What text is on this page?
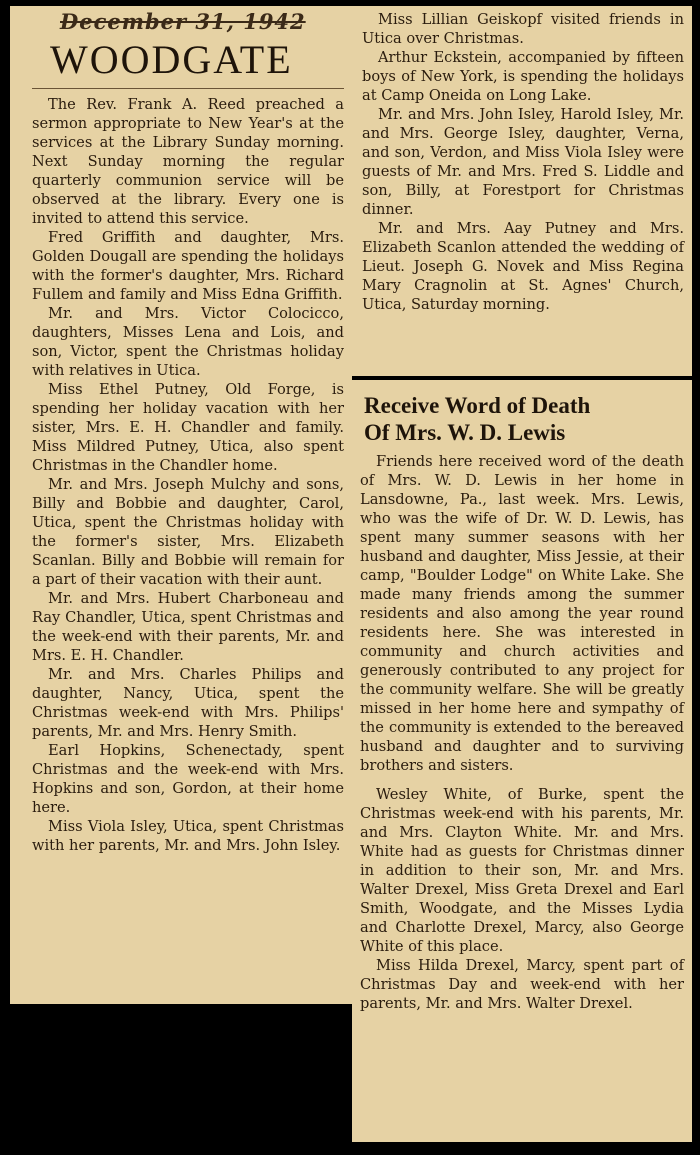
December 31, 1942
WOODGATE

The Rev. Frank A. Reed preached a sermon appropriate to New Year's at the services at the Library Sunday morning. Next Sunday morning the regular quarterly communion service will be observed at the library. Every one is invited to attend this service.

Fred Griffith and daughter, Mrs. Golden Dougall are spending the holidays with the former's daughter, Mrs. Richard Fullem and family and Miss Edna Griffith.

Mr. and Mrs. Victor Colocicco, daughters, Misses Lena and Lois, and son, Victor, spent the Christmas holiday with relatives in Utica.

Miss Ethel Putney, Old Forge, is spending her holiday vacation with her sister, Mrs. E. H. Chandler and family. Miss Mildred Putney, Utica, also spent Christmas in the Chandler home.

Mr. and Mrs. Joseph Mulchy and sons, Billy and Bobbie and daughter, Carol, Utica, spent the Christmas holiday with the former's sister, Mrs. Elizabeth Scanlan. Billy and Bobbie will remain for a part of their vacation with their aunt.

Mr. and Mrs. Hubert Charboneau and Ray Chandler, Utica, spent Christmas and the week-end with their parents, Mr. and Mrs. E. H. Chandler.

Mr. and Mrs. Charles Philips and daughter, Nancy, Utica, spent the Christmas week-end with Mrs. Philips' parents, Mr. and Mrs. Henry Smith.

Earl Hopkins, Schenectady, spent Christmas and the week-end with Mrs. Hopkins and son, Gordon, at their home here.

Miss Viola Isley, Utica, spent Christmas with her parents, Mr. and Mrs. John Isley.

Miss Lillian Geiskopf visited friends in Utica over Christmas.

Arthur Eckstein, accompanied by fifteen boys of New York, is spending the holidays at Camp Oneida on Long Lake.

Mr. and Mrs. John Isley, Harold Isley, Mr. and Mrs. George Isley, daughter, Verna, and son, Verdon, and Miss Viola Isley were guests of Mr. and Mrs. Fred S. Liddle and son, Billy, at Forestport for Christmas dinner.

Mr. and Mrs. Aay Putney and Mrs. Elizabeth Scanlon attended the wedding of Lieut. Joseph G. Novek and Miss Regina Mary Cragnolin at St. Agnes' Church, Utica, Saturday morning.

Receive Word of Death
Of Mrs. W. D. Lewis

Friends here received word of the death of Mrs. W. D. Lewis in her home in Lansdowne, Pa., last week. Mrs. Lewis, who was the wife of Dr. W. D. Lewis, has spent many summer seasons with her husband and daughter, Miss Jessie, at their camp, "Boulder Lodge" on White Lake. She made many friends among the summer residents and also among the year round residents here. She was interested in community and church activities and generously contributed to any project for the community welfare. She will be greatly missed in her home here and sympathy of the community is extended to the bereaved husband and daughter and to surviving brothers and sisters.

Wesley White, of Burke, spent the Christmas week-end with his parents, Mr. and Mrs. Clayton White. Mr. and Mrs. White had as guests for Christmas dinner in addition to their son, Mr. and Mrs. Walter Drexel, Miss Greta Drexel and Earl Smith, Woodgate, and the Misses Lydia and Charlotte Drexel, Marcy, also George White of this place.

Miss Hilda Drexel, Marcy, spent part of Christmas Day and week-end with her parents, Mr. and Mrs. Walter Drexel.
